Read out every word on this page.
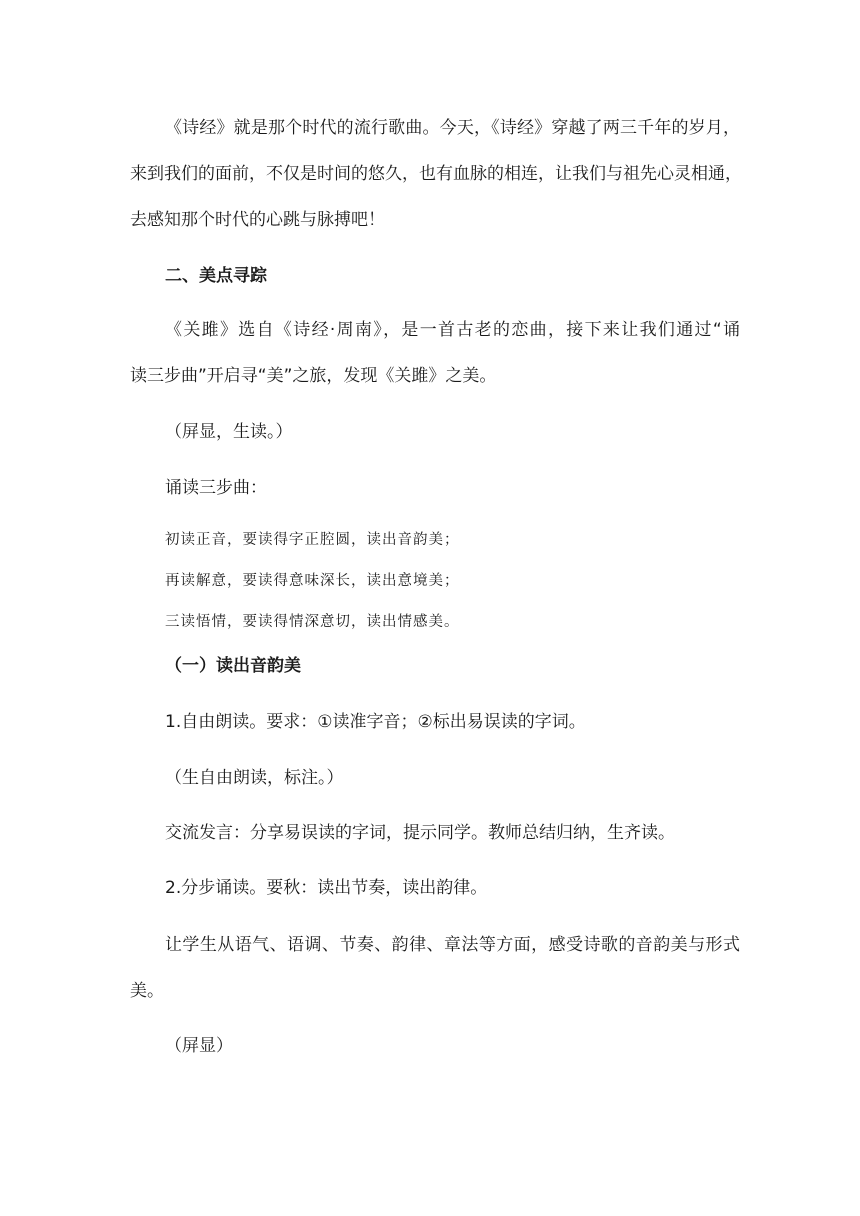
《诗经》就是那个时代的流行歌曲。今天，《诗经》穿越了两三千年的岁月，
来到我们的面前，不仅是时间的悠久，也有血脉的相连，让我们与祖先心灵相通，
去感知那个时代的心跳与脉搏吧！
二、美点寻踪
《关雎》选自《诗经·周南》，是一首古老的恋曲，接下来让我们通过“诵
读三步曲”开启寻“美”之旅，发现《关雎》之美。
（屏显，生读。）
诵读三步曲：
初读正音，要读得字正腔圆，读出音韵美；
再读解意，要读得意味深长，读出意境美；
三读悟情，要读得情深意切，读出情感美。
（一）读出音韵美
1.自由朗读。要求：①读准字音；②标出易误读的字词。
（生自由朗读，标注。）
交流发言：分享易误读的字词，提示同学。教师总结归纳，生齐读。
2.分步诵读。要秋：读出节奏，读出韵律。
让学生从语气、语调、节奏、韵律、章法等方面，感受诗歌的音韵美与形式
美。
（屏显）
